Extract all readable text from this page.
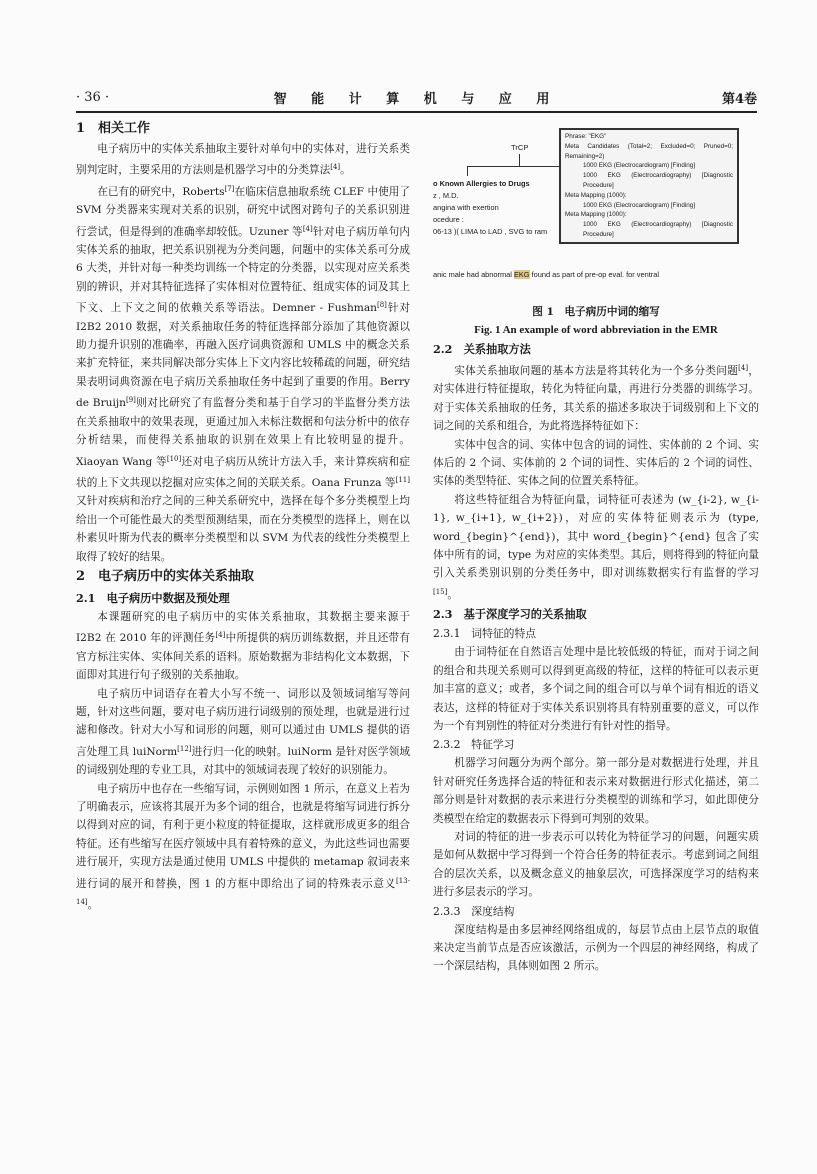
· 36 ·	智 能 计 算 机 与 应 用	第4卷
1　相关工作

电子病历中的实体关系抽取主要针对单句中的实体对，进行关系类别判定时，主要采用的方法则是机器学习中的分类算法[4]。

在已有的研究中，Roberts[7]在临床信息抽取系统 CLEF 中使用了 SVM 分类器来实现对关系的识别，研究中试图对跨句子的关系识别进行尝试，但是得到的准确率却较低。Uzuner 等[4]针对电子病历单句内实体关系的抽取，把关系识别视为分类问题，问题中的实体关系可分成 6 大类，并针对每一种类均训练一个特定的分类器，以实现对应关系类别的辨识，并对其特征选择了实体相对位置特征、组成实体的词及其上下文、上下文之间的依赖关系等语法。Demner - Fushman[8]针对 I2B2 2010 数据，对关系抽取任务的特征选择部分添加了其他资源以助力提升识别的准确率，再融入医疗词典资源和 UMLS 中的概念关系来扩充特征，来共同解决部分实体上下文内容比较稀疏的问题，研究结果表明词典资源在电子病历关系抽取任务中起到了重要的作用。Berry de Bruijn[9]则对比研究了有监督分类和基于自学习的半监督分类方法在关系抽取中的效果表现，更通过加入未标注数据和句法分析中的依存分析结果，而使得关系抽取的识别在效果上有比较明显的提升。Xiaoyan Wang 等[10]还对电子病历从统计方法入手，来计算疾病和症状的上下文共现以挖掘对应实体之间的关联关系。Oana Frunza 等[11]又针对疾病和治疗之间的三种关系研究中，选择在每个多分类模型上均给出一个可能性最大的类型预测结果，而在分类模型的选择上，则在以朴素贝叶斯为代表的概率分类模型和以 SVM 为代表的线性分类模型上取得了较好的结果。

2　电子病历中的实体关系抽取
2.1　电子病历中数据及预处理

本课题研究的电子病历中的实体关系抽取，其数据主要来源于 I2B2 在 2010 年的评测任务[4]中所提供的病历训练数据，并且还带有官方标注实体、实体间关系的语料。原始数据为非结构化文本数据，下面即对其进行句子级别的关系抽取。

电子病历中词语存在着大小写不统一、词形以及领域词缩写等问题，针对这些问题，要对电子病历进行词级别的预处理，也就是进行过滤和修改。针对大小写和词形的问题，则可以通过由 UMLS 提供的语言处理工具 luiNorm[12]进行归一化的映射。luiNorm 是针对医学领域的词级别处理的专业工具，对其中的领域词表现了较好的识别能力。

电子病历中也存在一些缩写词，示例则如图 1 所示，在意义上若为了明确表示，应该将其展开为多个词的组合，也就是将缩写词进行拆分以得到对应的词，有利于更小粒度的特征提取，这样就形成更多的组合特征。还有些缩写在医疗领域中具有着特殊的意义，为此这些词也需要进行展开，实现方法是通过使用 UMLS 中提供的 metamap 叙词表来进行词的展开和替换，图 1 的方框中即给出了词的特殊表示意义[13-14]。

TrCP
o Known Allergies to Drugs
z , M.D.
angina with exertion
ocedure :
06-13 )( LIMA to LAD , SVG to ram
Phrase: "EKG"
Meta Candidates (Total=2; Excluded=0; Pruned=0; Remaining=2)
1000 EKG (Electrocardiogram) [Finding]
1000 EKG (Electrocardiography) [Diagnostic Procedure]
Meta Mapping (1000):
1000 EKG (Electrocardiogram) [Finding]
Meta Mapping (1000):
1000 EKG (Electrocardiography) [Diagnostic Procedure]
anic male had abnormal EKG found as part of pre-op eval. for ventral

图 1　电子病历中词的缩写

Fig. 1 An example of word abbreviation in the EMR

2.2　关系抽取方法

实体关系抽取问题的基本方法是将其转化为一个多分类问题[4]，对实体进行特征提取，转化为特征向量，再进行分类器的训练学习。对于实体关系抽取的任务，其关系的描述多取决于词级别和上下文的词之间的关系和组合，为此将选择特征如下：

实体中包含的词、实体中包含的词的词性、实体前的 2 个词、实体后的 2 个词、实体前的 2 个词的词性、实体后的 2 个词的词性、实体的类型特征、实体之间的位置关系特征。

将这些特征组合为特征向量，词特征可表述为 (w_{i-2}, w_{i-1}, w_{i+1}, w_{i+2})，对应的实体特征则表示为 (type, word_{begin}^{end})，其中 word_{begin}^{end} 包含了实体中所有的词，type 为对应的实体类型。其后，则将得到的特征向量引入关系类别识别的分类任务中，即对训练数据实行有监督的学习[15]。

2.3　基于深度学习的关系抽取
2.3.1　词特征的特点

由于词特征在自然语言处理中是比较低级的特征，而对于词之间的组合和共现关系则可以得到更高级的特征，这样的特征可以表示更加丰富的意义；或者，多个词之间的组合可以与单个词有相近的语义表达，这样的特征对于实体关系识别将具有特别重要的意义，可以作为一个有判别性的特征对分类进行有针对性的指导。

2.3.2　特征学习

机器学习问题分为两个部分。第一部分是对数据进行处理，并且针对研究任务选择合适的特征和表示来对数据进行形式化描述，第二部分则是针对数据的表示来进行分类模型的训练和学习，如此即使分类模型在给定的数据表示下得到可判别的效果。

对词的特征的进一步表示可以转化为特征学习的问题，问题实质是如何从数据中学习得到一个符合任务的特征表示。考虑到词之间组合的层次关系，以及概念意义的抽象层次，可选择深度学习的结构来进行多层表示的学习。

2.3.3　深度结构

深度结构是由多层神经网络组成的，每层节点由上层节点的取值来决定当前节点是否应该激活，示例为一个四层的神经网络，构成了一个深层结构，具体则如图 2 所示。
